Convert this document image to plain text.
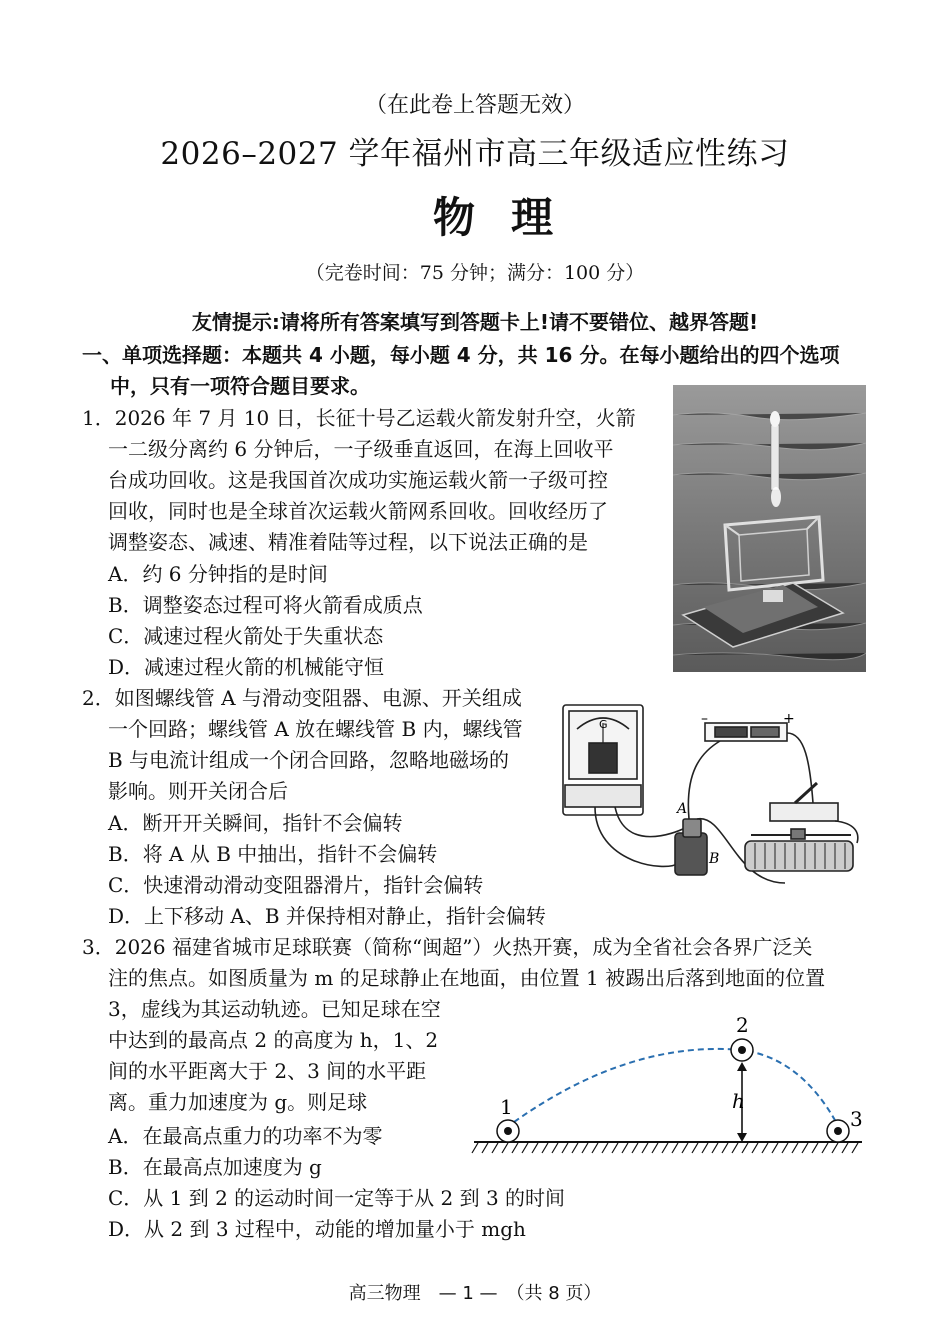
（在此卷上答题无效）
2026–2027 学年福州市高三年级适应性练习
物理
（完卷时间：75 分钟；满分：100 分）
友情提示:请将所有答案填写到答题卡上!请不要错位、越界答题!
一、单项选择题：本题共 4 小题，每小题 4 分，共 16 分。在每小题给出的四个选项
中，只有一项符合题目要求。
1．2026 年 7 月 10 日，长征十号乙运载火箭发射升空，火箭
一二级分离约 6 分钟后，一子级垂直返回，在海上回收平
台成功回收。这是我国首次成功实施运载火箭一子级可控
回收，同时也是全球首次运载火箭网系回收。回收经历了
调整姿态、减速、精准着陆等过程，以下说法正确的是
A．约 6 分钟指的是时间
B．调整姿态过程可将火箭看成质点
C．减速过程火箭处于失重状态
D．减速过程火箭的机械能守恒
2．如图螺线管 A 与滑动变阻器、电源、开关组成
一个回路；螺线管 A 放在螺线管 B 内，螺线管
B 与电流计组成一个闭合回路，忽略地磁场的
影响。则开关闭合后
A．断开开关瞬间，指针不会偏转
B．将 A 从 B 中抽出，指针不会偏转
C．快速滑动滑动变阻器滑片，指针会偏转
D．上下移动 A、B 并保持相对静止，指针会偏转
G
A
B
–	+
3．2026 福建省城市足球联赛（简称“闽超”）火热开赛，成为全省社会各界广泛关
注的焦点。如图质量为 m 的足球静止在地面，由位置 1 被踢出后落到地面的位置
3，虚线为其运动轨迹。已知足球在空
中达到的最高点 2 的高度为 h，1、2
间的水平距离大于 2、3 间的水平距
离。重力加速度为 g。则足球
A．在最高点重力的功率不为零
B．在最高点加速度为 g
C．从 1 到 2 的运动时间一定等于从 2 到 3 的时间
D．从 2 到 3 过程中，动能的增加量小于 mgh
1
2
3
h
高三物理　— 1 —　（共 8 页）
